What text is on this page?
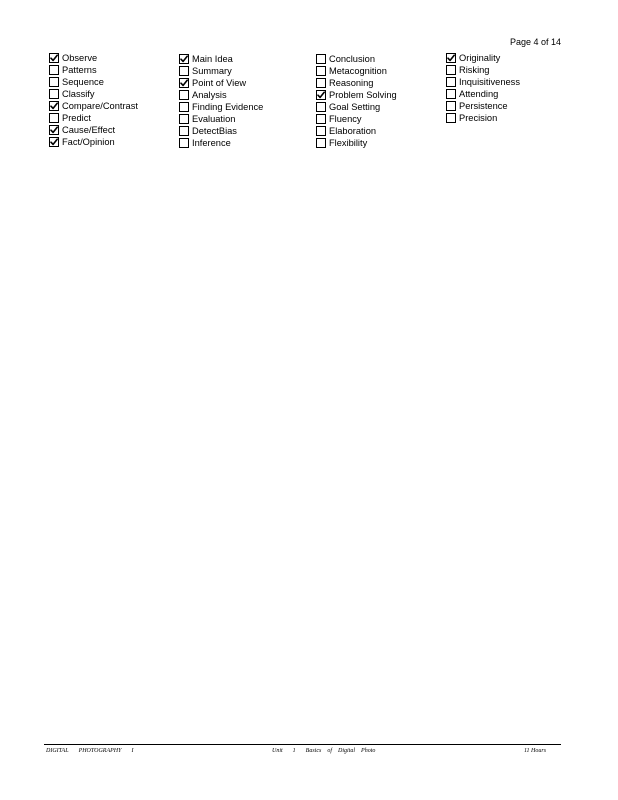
Page 4 of 14
Observe
Patterns
Sequence
Classify
Compare/Contrast
Predict
Cause/Effect
Fact/Opinion
Main Idea
Summary
Point of View
Analysis
Finding Evidence
Evaluation
DetectBias
Inference
Conclusion
Metacognition
Reasoning
Problem Solving
Goal Setting
Fluency
Elaboration
Flexibility
Originality
Risking
Inquisitiveness
Attending
Persistence
Precision
DIGITAL PHOTOGRAPHY I	Unit 1 Basics of Digital Photo	11 Hours
